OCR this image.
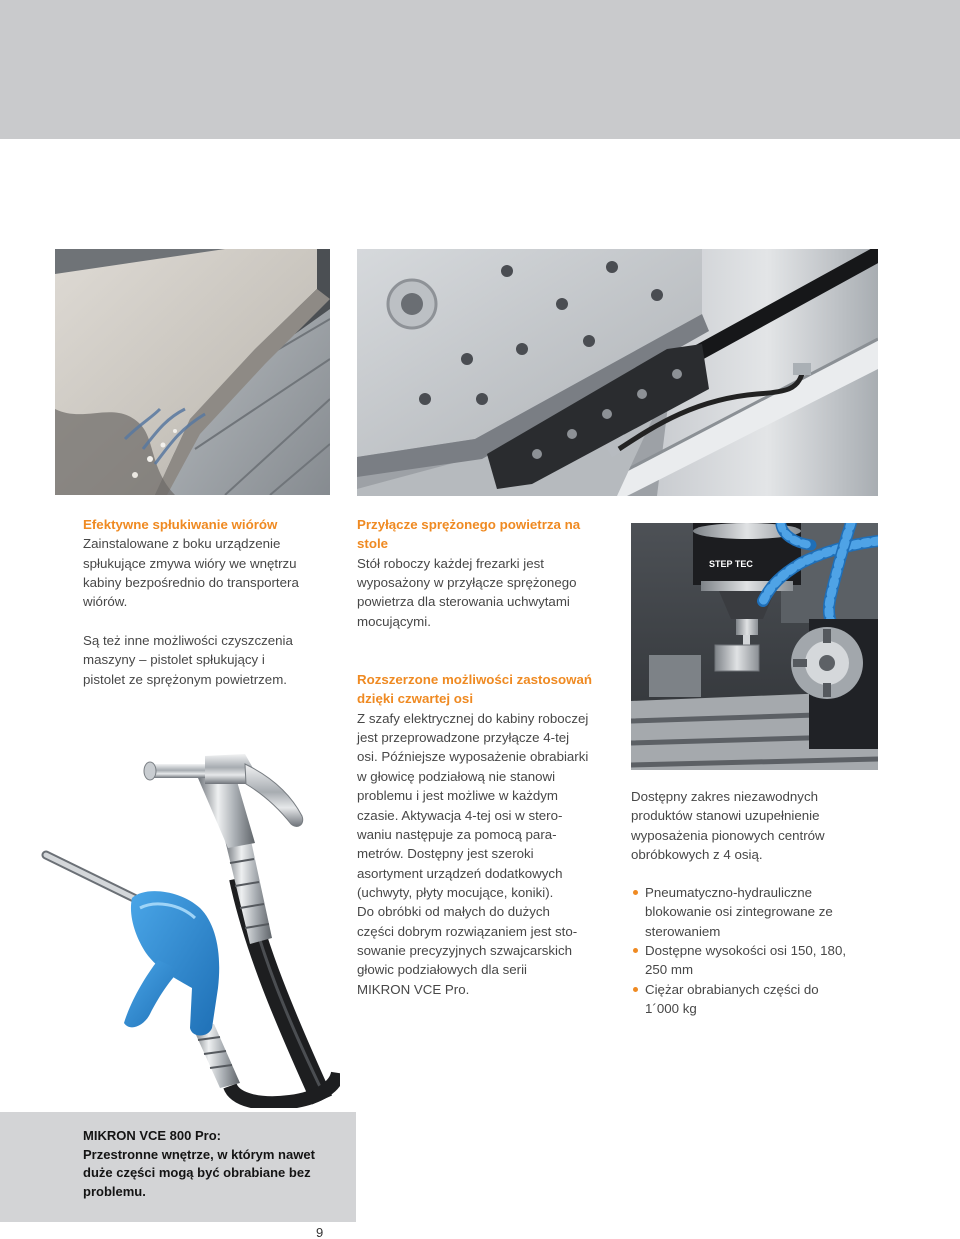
STEP TEC
Efektywne spłukiwanie wiórów
Zainstalowane z boku urządzenie
spłukujące zmywa wióry we wnętrzu
kabiny bezpośrednio do transportera
wiórów.
Są też inne możliwości czyszczenia
maszyny – pistolet spłukujący i
pistolet ze sprężonym powietrzem.
Przyłącze sprężonego powietrza na
stole
Stół roboczy każdej frezarki jest
wyposażony w przyłącze sprężonego
powietrza dla sterowania uchwytami
mocującymi.
Rozszerzone możliwości zastosowań
dzięki czwartej osi
Z szafy elektrycznej do kabiny roboczej
jest przeprowadzone przyłącze 4-tej
osi. Późniejsze wyposażenie obrabiarki
w głowicę podziałową nie stanowi
problemu i jest możliwe w każdym
czasie. Aktywacja 4-tej osi w stero-
waniu następuje za pomocą para-
metrów. Dostępny jest szeroki
asortyment urządzeń dodatkowych
(uchwyty, płyty mocujące, koniki).
Do obróbki od małych do dużych
części dobrym rozwiązaniem jest sto-
sowanie precyzyjnych szwajcarskich
głowic podziałowych dla serii
MIKRON VCE Pro.
Dostępny zakres niezawodnych
produktów stanowi uzupełnienie
wyposażenia pionowych centrów
obróbkowych z 4 osią.
Pneumatyczno-hydrauliczne
blokowanie osi zintegrowane ze
sterowaniem
Dostępne wysokości osi 150, 180,
250 mm
Ciężar obrabianych części do
1´000 kg
MIKRON VCE 800 Pro:
Przestronne wnętrze, w którym nawet
duże części mogą być obrabiane bez
problemu.
9
